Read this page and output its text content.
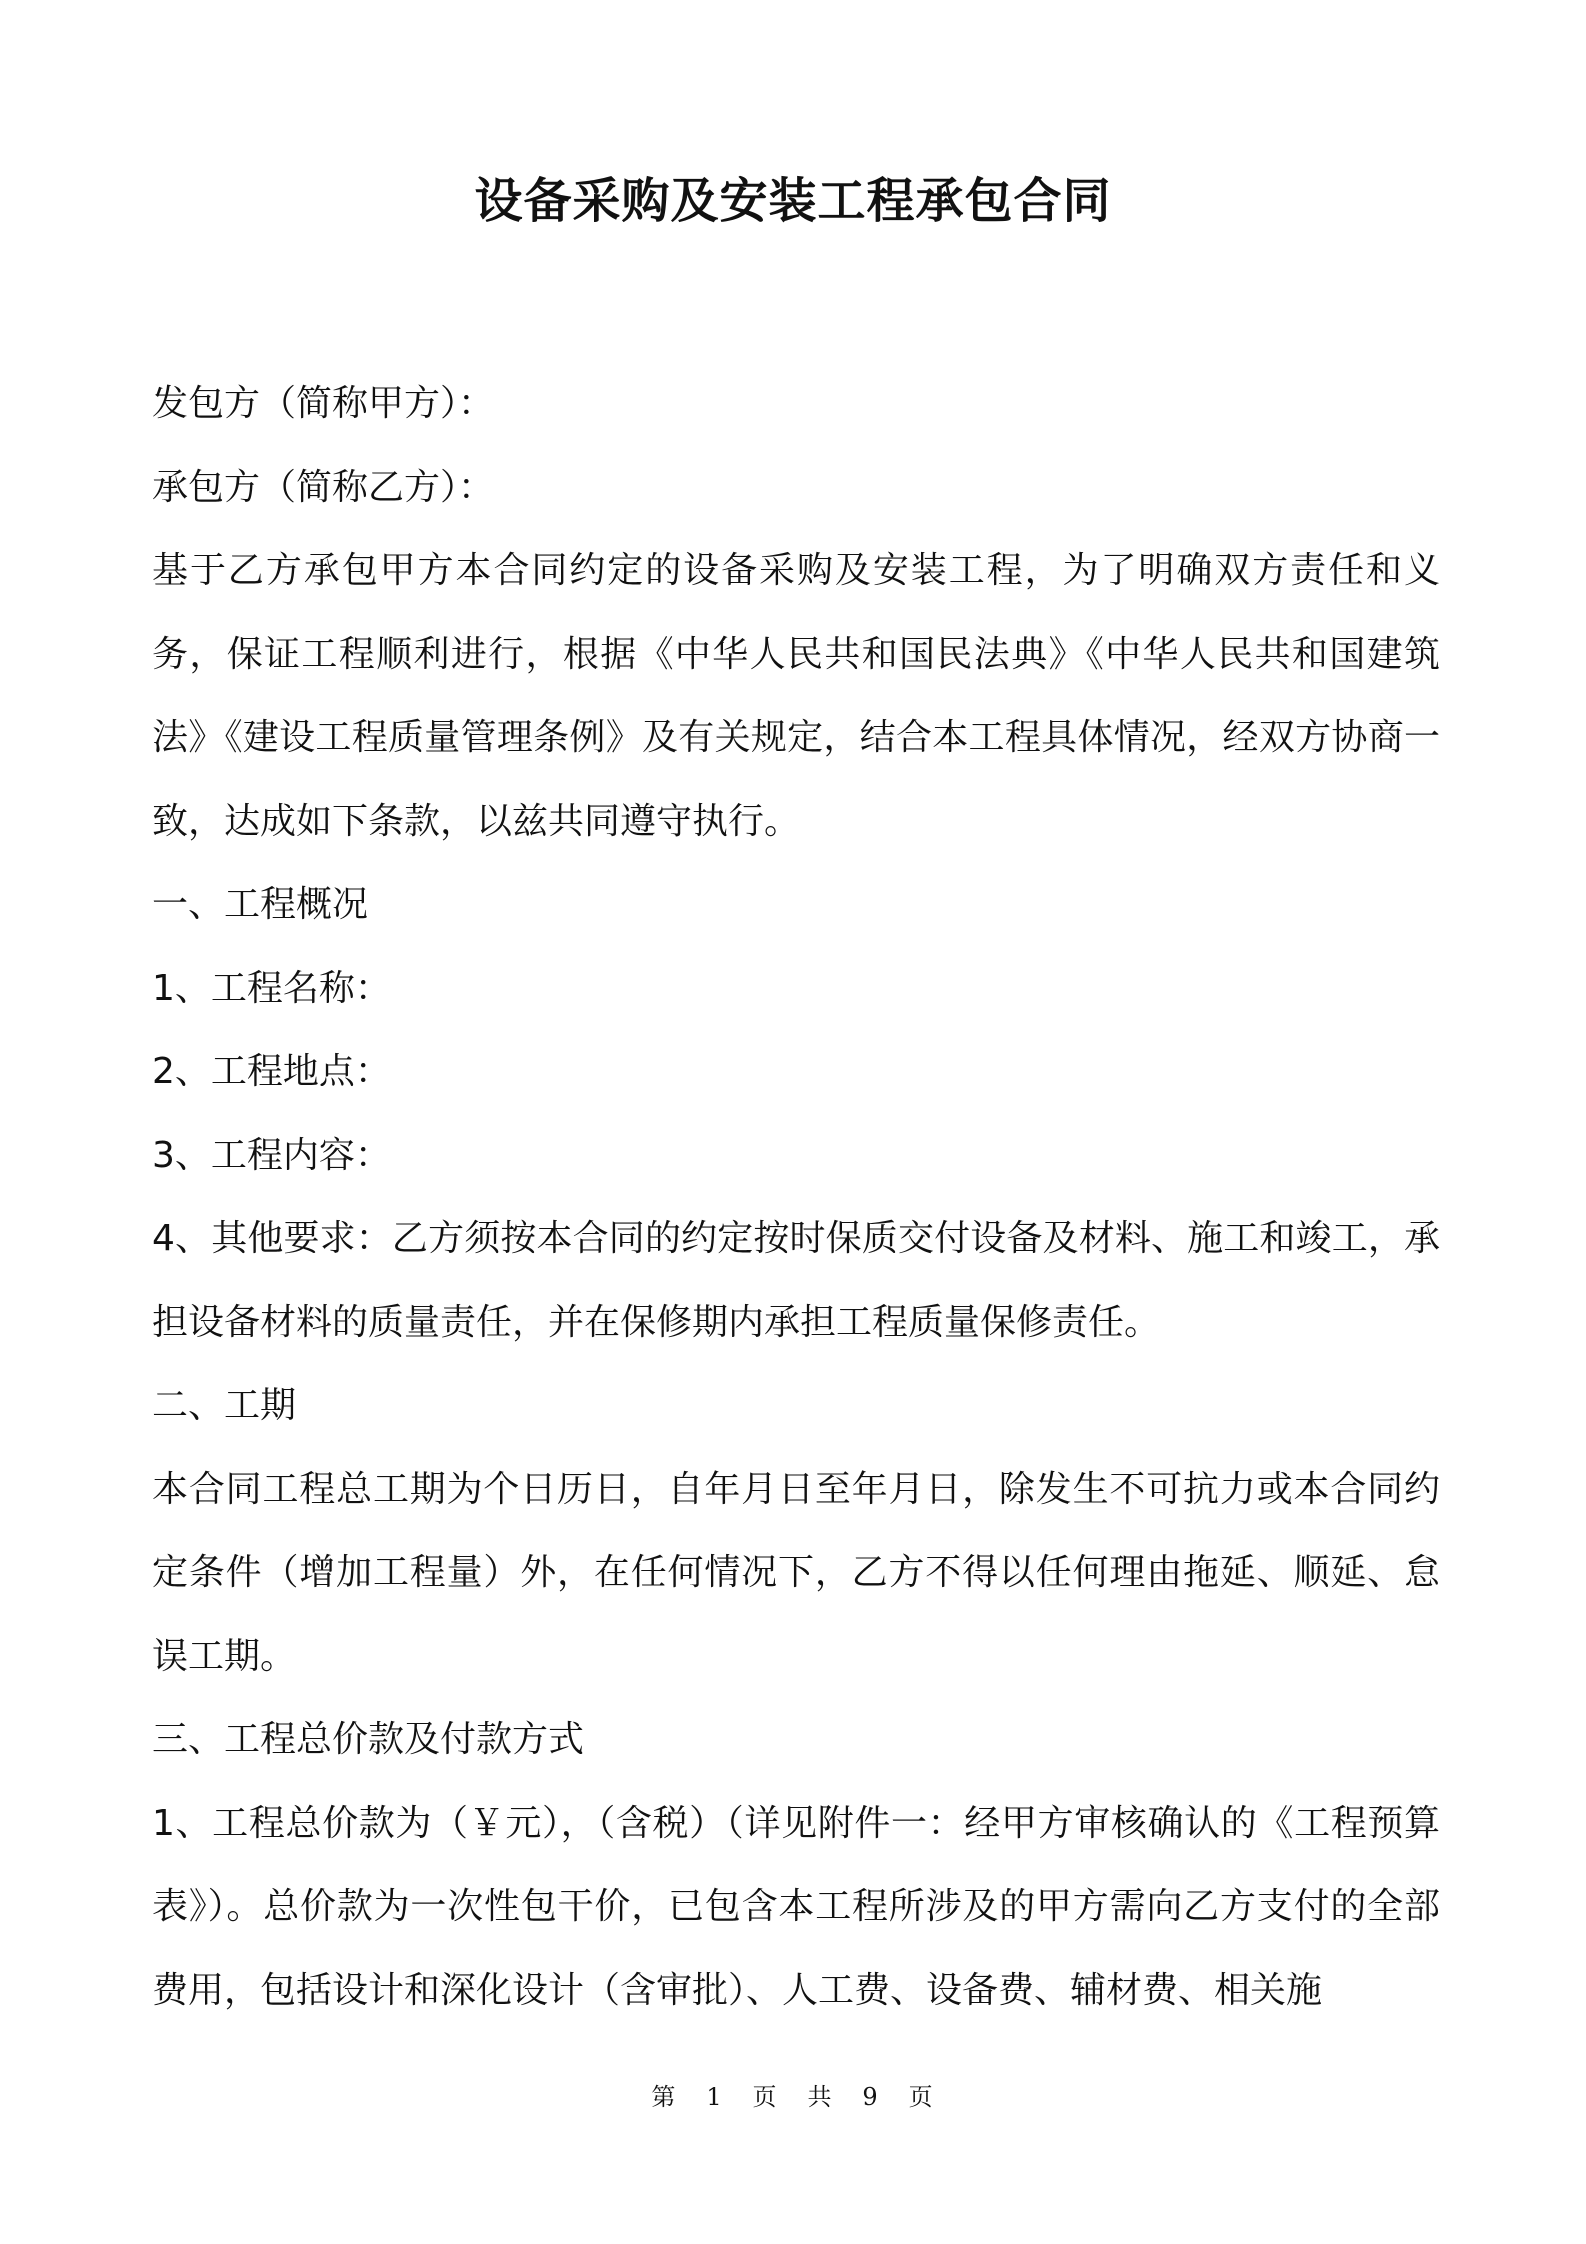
设备采购及安装工程承包合同

发包方（简称甲方）：

承包方（简称乙方）：

基于乙方承包甲方本合同约定的设备采购及安装工程，为了明确双方责任和义务，保证工程顺利进行，根据《中华人民共和国民法典》《中华人民共和国建筑法》《建设工程质量管理条例》及有关规定，结合本工程具体情况，经双方协商一致，达成如下条款，以兹共同遵守执行。

一、工程概况

1、工程名称：

2、工程地点：

3、工程内容：

4、其他要求：乙方须按本合同的约定按时保质交付设备及材料、施工和竣工，承担设备材料的质量责任，并在保修期内承担工程质量保修责任。

二、工期

本合同工程总工期为个日历日，自年月日至年月日，除发生不可抗力或本合同约定条件（增加工程量）外，在任何情况下，乙方不得以任何理由拖延、顺延、怠误工期。

三、工程总价款及付款方式

1、工程总价款为（￥元），（含税）（详见附件一：经甲方审核确认的《工程预算表》）。总价款为一次性包干价，已包含本工程所涉及的甲方需向乙方支付的全部费用，包括设计和深化设计（含审批）、人工费、设备费、辅材费、相关施

第 1 页 共 9 页
